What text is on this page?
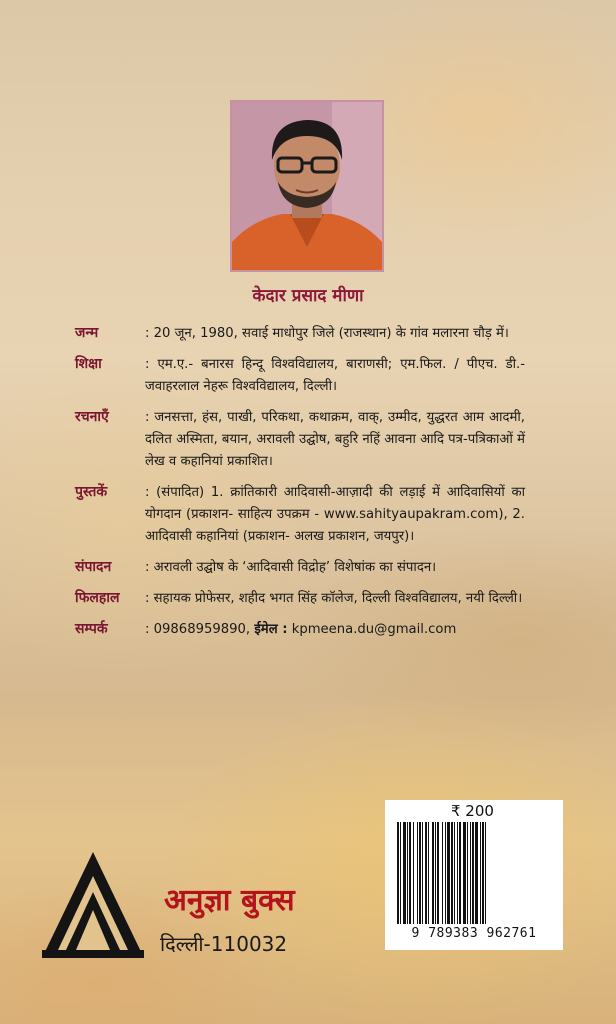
केदार प्रसाद मीणा
जन्म	: 20 जून, 1980, सवाई माधोपुर जिले (राजस्थान) के गांव मलारना चौड़ में।
शिक्षा	: एम.ए.- बनारस हिन्दू विश्वविद्यालय, बाराणसी; एम.फिल. / पीएच. डी.- जवाहरलाल नेहरू विश्वविद्यालय, दिल्ली।
रचनाएँ	: जनसत्ता, हंस, पाखी, परिकथा, कथाक्रम, वाक्, उम्मीद, युद्धरत आम आदमी, दलित अस्मिता, बयान, अरावली उद्घोष, बहुरि नहिं आवना आदि पत्र-पत्रिकाओं में लेख व कहानियां प्रकाशित।
पुस्तकें	: (संपादित) 1. क्रांतिकारी आदिवासी-आज़ादी की लड़ाई में आदिवासियों का योगदान (प्रकाशन- साहित्य उपक्रम - www.sahityaupakram.com), 2. आदिवासी कहानियां (प्रकाशन- अलख प्रकाशन, जयपुर)।
संपादन	: अरावली उद्घोष के ‘आदिवासी विद्रोह’ विशेषांक का संपादन।
फिलहाल : सहायक प्रोफेसर, शहीद भगत सिंह कॉलेज, दिल्ली विश्वविद्यालय, नयी दिल्ली।
सम्पर्क	: 09868959890, ईमेल : kpmeena.du@gmail.com
₹ 200
9 789383 962761
अनुज्ञा बुक्स
दिल्ली-110032
